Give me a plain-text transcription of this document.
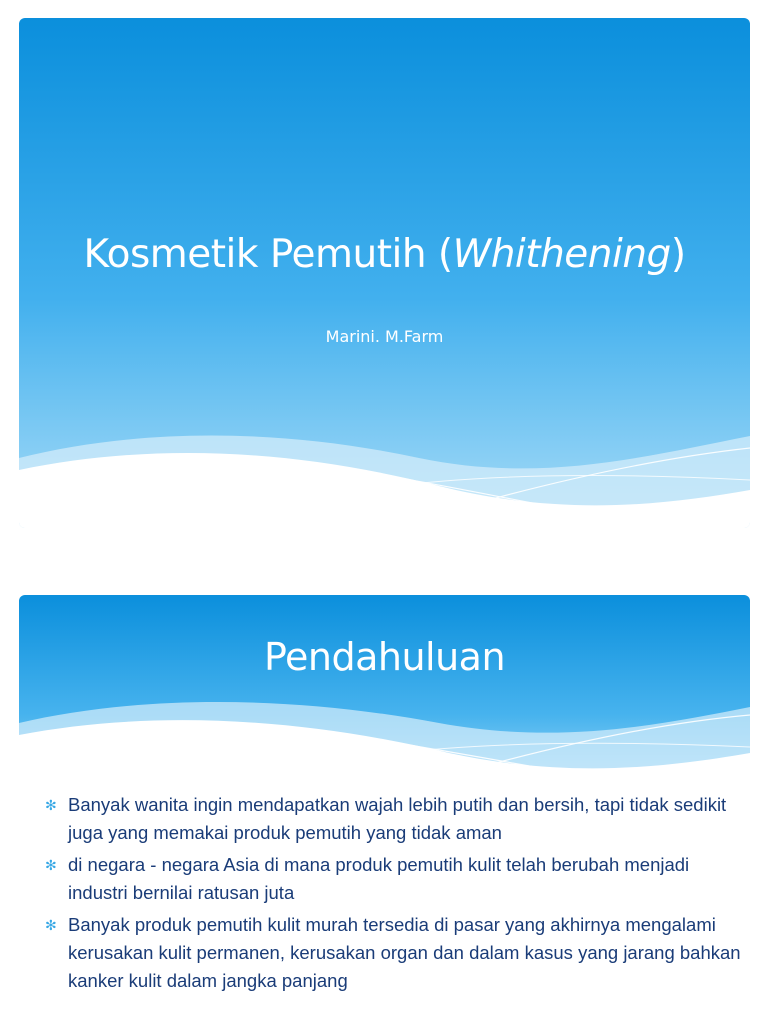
Kosmetik Pemutih (Whithening)
Marini. M.Farm
Pendahuluan
✻ Banyak wanita ingin mendapatkan wajah lebih putih dan bersih, tapi tidak sedikit juga yang memakai produk pemutih yang tidak aman
✻ di negara - negara Asia di mana produk pemutih kulit telah berubah menjadi industri bernilai ratusan juta
✻ Banyak produk pemutih kulit murah tersedia di pasar yang akhirnya mengalami kerusakan kulit permanen, kerusakan organ dan dalam kasus yang jarang bahkan kanker kulit dalam jangka panjang
